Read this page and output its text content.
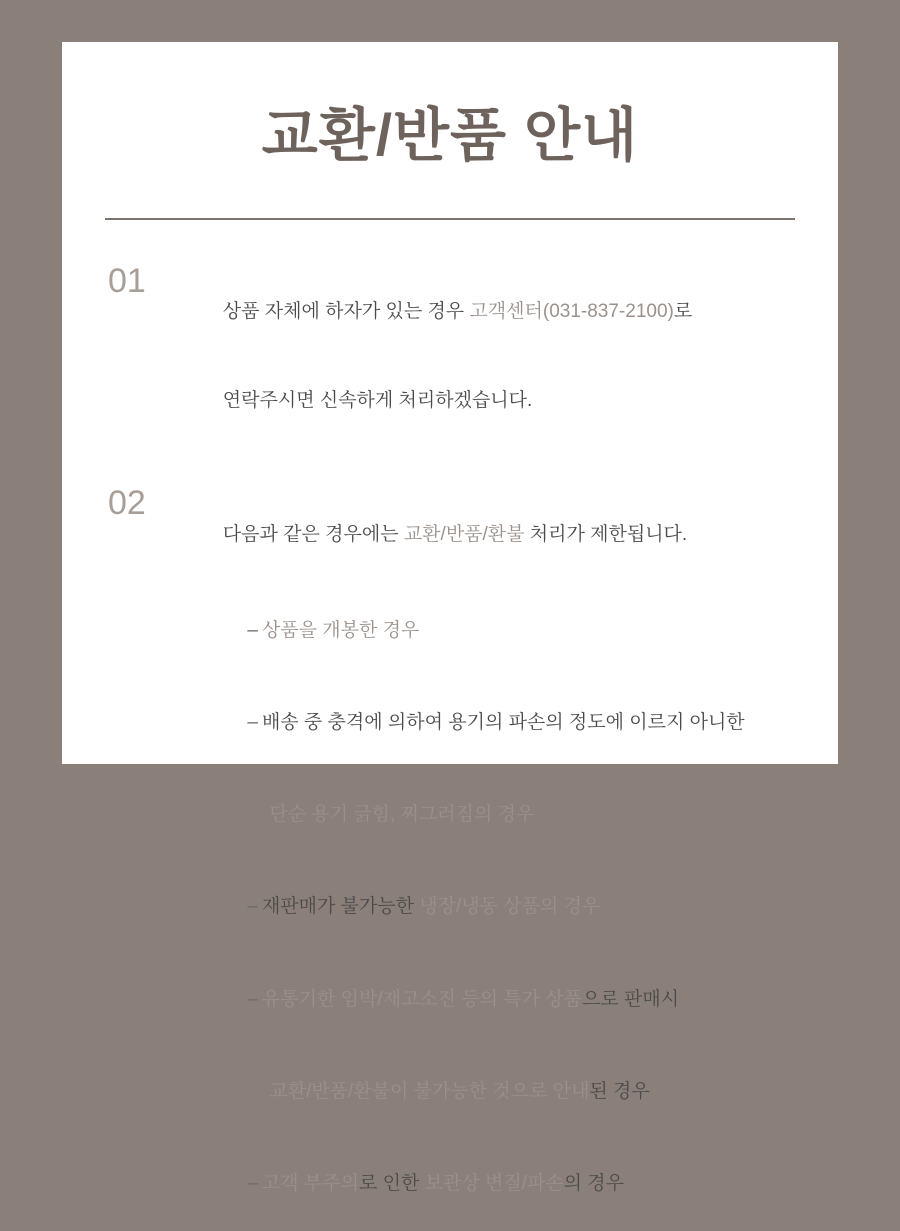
교환/반품 안내
01

상품 자체에 하자가 있는 경우 고객센터(031-837-2100)로

연락주시면 신속하게 처리하겠습니다.

02

다음과 같은 경우에는 교환/반품/환불 처리가 제한됩니다.

– 상품을 개봉한 경우

– 배송 중 충격에 의하여 용기의 파손의 정도에 이르지 아니한

단순 용기 긁힘, 찌그러짐의 경우

– 재판매가 불가능한 냉장/냉동 상품의 경우

– 유통기한 임박/재고소진 등의 특가 상품으로 판매시

교환/반품/환불이 불가능한 것으로 안내된 경우

– 고객 부주의로 인한 보관상 변질/파손의 경우
